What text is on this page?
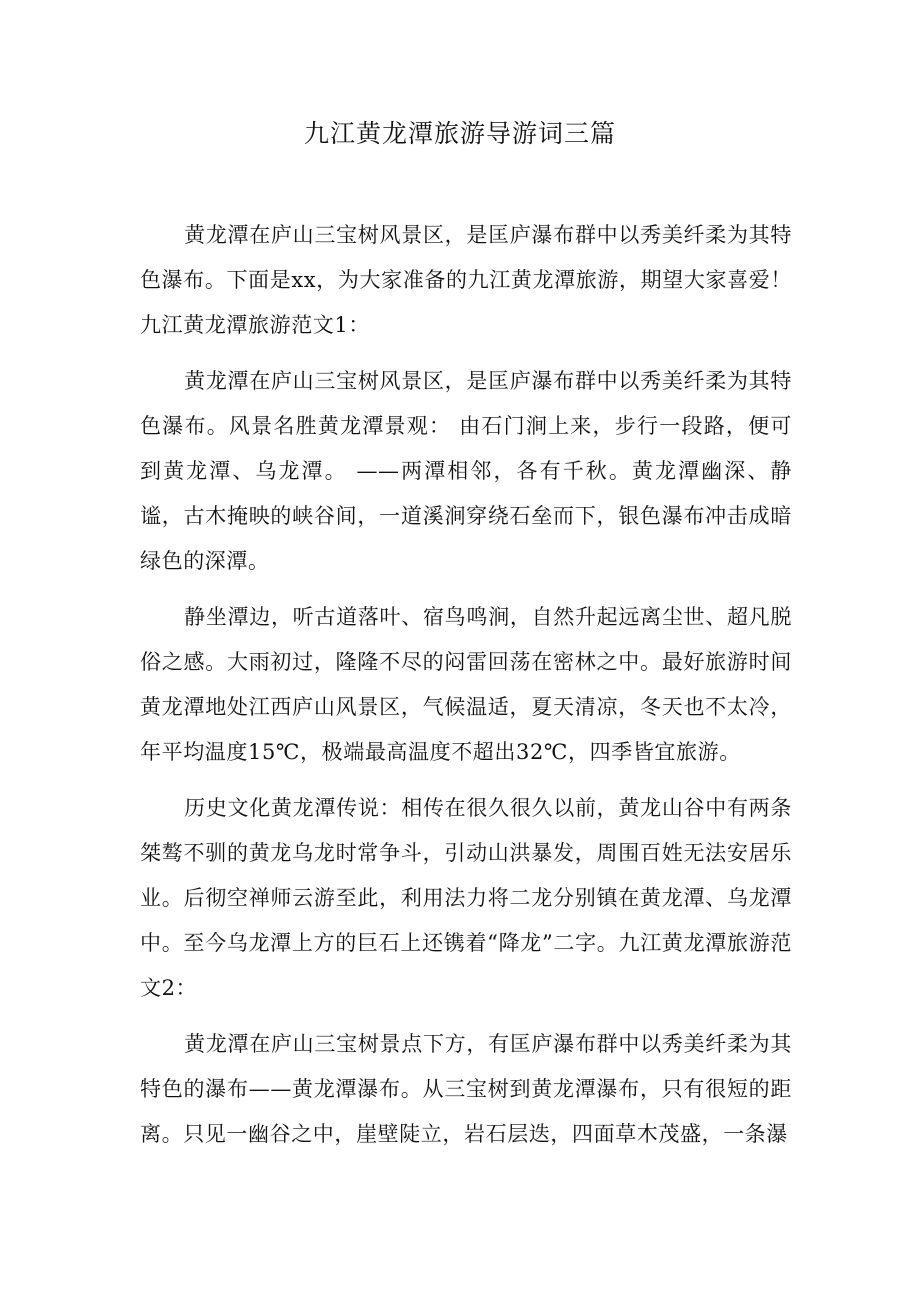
九江黄龙潭旅游导游词三篇

黄龙潭在庐山三宝树风景区，是匡庐瀑布群中以秀美纤柔为其特色瀑布。下面是xx，为大家准备的九江黄龙潭旅游，期望大家喜爱！九江黄龙潭旅游范文1：

黄龙潭在庐山三宝树风景区，是匡庐瀑布群中以秀美纤柔为其特色瀑布。风景名胜黄龙潭景观： 由石门涧上来，步行一段路，便可到黄龙潭、乌龙潭。 ——两潭相邻，各有千秋。黄龙潭幽深、静谧，古木掩映的峡谷间，一道溪涧穿绕石垒而下，银色瀑布冲击成暗绿色的深潭。

静坐潭边，听古道落叶、宿鸟鸣涧，自然升起远离尘世、超凡脱俗之感。大雨初过，隆隆不尽的闷雷回荡在密林之中。最好旅游时间黄龙潭地处江西庐山风景区，气候温适，夏天清凉，冬天也不太冷，年平均温度15℃，极端最高温度不超出32℃，四季皆宜旅游。

历史文化黄龙潭传说：相传在很久很久以前，黄龙山谷中有两条桀骜不驯的黄龙乌龙时常争斗，引动山洪暴发，周围百姓无法安居乐业。后彻空禅师云游至此，利用法力将二龙分别镇在黄龙潭、乌龙潭中。至今乌龙潭上方的巨石上还镌着“降龙”二字。九江黄龙潭旅游范文2：

黄龙潭在庐山三宝树景点下方，有匡庐瀑布群中以秀美纤柔为其特色的瀑布——黄龙潭瀑布。从三宝树到黄龙潭瀑布，只有很短的距离。只见一幽谷之中，崖壁陡立，岩石层迭，四面草木茂盛，一条瀑
